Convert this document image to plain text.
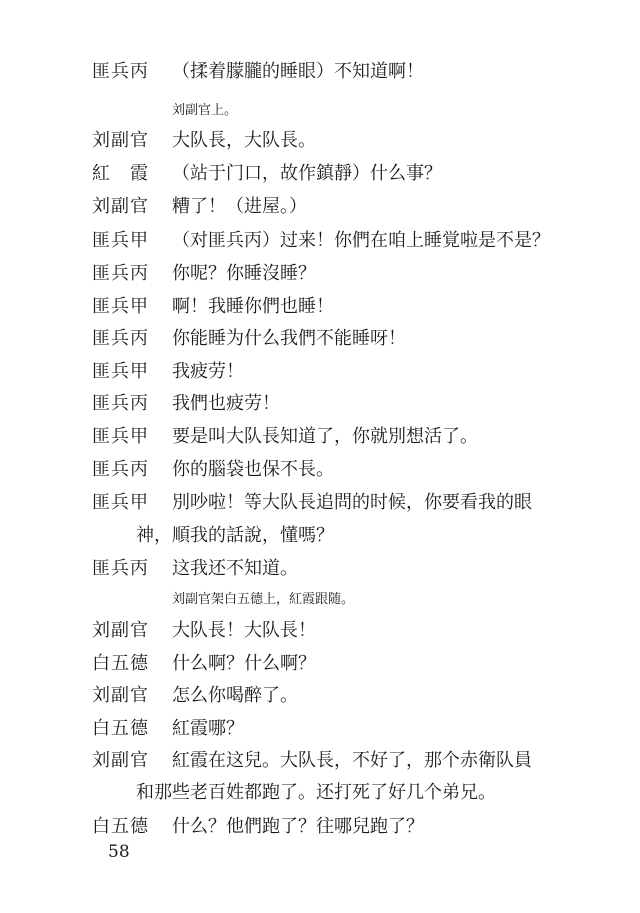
匪兵丙	（揉着朦朧的睡眼）不知道啊！
刘副官上。
刘副官	大队長，大队長。
紅　霞	（站于门口，故作鎮靜）什么事？
刘副官	糟了！（进屋。）
匪兵甲	（对匪兵丙）过来！你們在咱上睡覚啦是不是？
匪兵丙	你呢？你睡沒睡？
匪兵甲	啊！我睡你們也睡！
匪兵丙	你能睡为什么我們不能睡呀！
匪兵甲	我疲劳！
匪兵丙	我們也疲劳！
匪兵甲	要是叫大队長知道了，你就別想活了。
匪兵丙	你的腦袋也保不長。
匪兵甲	別吵啦！等大队長追問的时候，你要看我的眼
神，順我的話說，懂嗎？
匪兵丙	这我还不知道。
刘副官架白五德上，紅霞跟随。
刘副官	大队長！大队長！
白五德	什么啊？什么啊？
刘副官	怎么你喝醉了。
白五德	紅霞哪？
刘副官	紅霞在这兒。大队長，不好了，那个赤衛队員
和那些老百姓都跑了。还打死了好几个弟兄。
白五德	什么？他們跑了？往哪兒跑了？
58
